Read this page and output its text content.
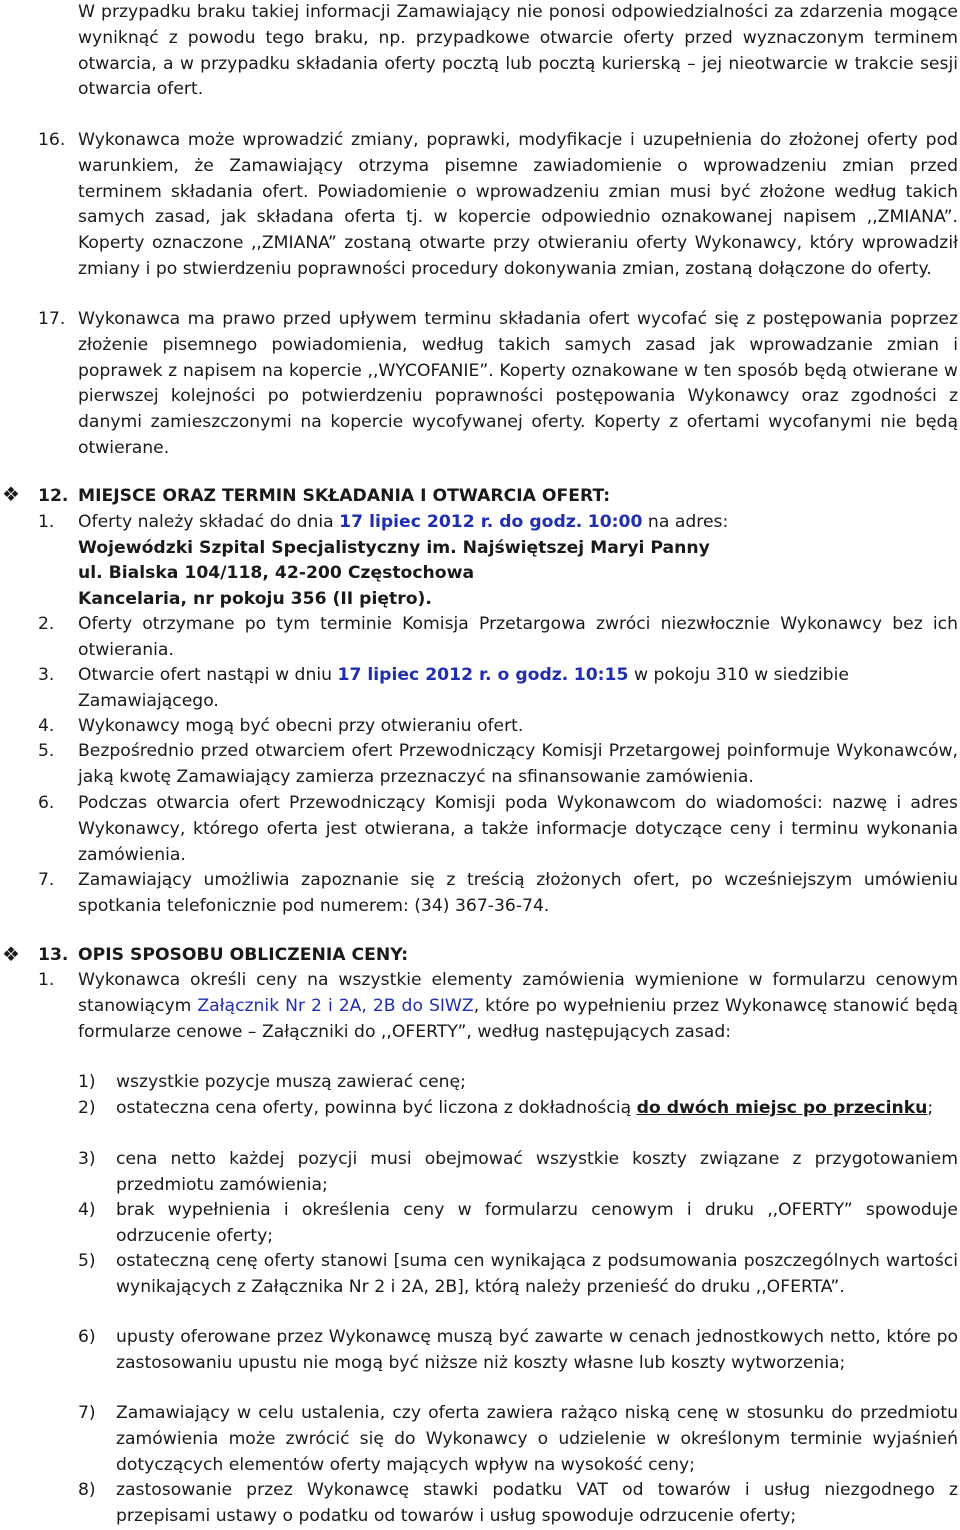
W przypadku braku takiej informacji Zamawiający nie ponosi odpowiedzialności za zdarzenia mogące wyniknąć z powodu tego braku, np. przypadkowe otwarcie oferty przed wyznaczonym terminem otwarcia, a w przypadku składania oferty pocztą lub pocztą kurierską – jej nieotwarcie w trakcie sesji otwarcia ofert.

16. Wykonawca może wprowadzić zmiany, poprawki, modyfikacje i uzupełnienia do złożonej oferty pod warunkiem, że Zamawiający otrzyma pisemne zawiadomienie o wprowadzeniu zmian przed terminem składania ofert. Powiadomienie o wprowadzeniu zmian musi być złożone według takich samych zasad, jak składana oferta tj. w kopercie odpowiednio oznakowanej napisem ,,ZMIANA”. Koperty oznaczone ,,ZMIANA” zostaną otwarte przy otwieraniu oferty Wykonawcy, który wprowadził zmiany i po stwierdzeniu poprawności procedury dokonywania zmian, zostaną dołączone do oferty.

17. Wykonawca ma prawo przed upływem terminu składania ofert wycofać się z postępowania poprzez złożenie pisemnego powiadomienia, według takich samych zasad jak wprowadzanie zmian i poprawek z napisem na kopercie ,,WYCOFANIE”. Koperty oznakowane w ten sposób będą otwierane w pierwszej kolejności po potwierdzeniu poprawności postępowania Wykonawcy oraz zgodności z danymi zamieszczonymi na kopercie wycofywanej oferty. Koperty z ofertami wycofanymi nie będą otwierane.

❖ 12. MIEJSCE ORAZ TERMIN SKŁADANIA I OTWARCIA OFERT:

1. Oferty należy składać do dnia 17 lipiec 2012 r. do godz. 10:00 na adres:

Wojewódzki Szpital Specjalistyczny im. Najświętszej Maryi Panny

ul. Bialska 104/118, 42-200 Częstochowa

Kancelaria, nr pokoju 356 (II piętro).

2. Oferty otrzymane po tym terminie Komisja Przetargowa zwróci niezwłocznie Wykonawcy bez ich otwierania.

3. Otwarcie ofert nastąpi w dniu 17 lipiec 2012 r. o godz. 10:15 w pokoju 310 w siedzibie Zamawiającego.

4. Wykonawcy mogą być obecni przy otwieraniu ofert.

5. Bezpośrednio przed otwarciem ofert Przewodniczący Komisji Przetargowej poinformuje Wykonawców, jaką kwotę Zamawiający zamierza przeznaczyć na sfinansowanie zamówienia.

6. Podczas otwarcia ofert Przewodniczący Komisji poda Wykonawcom do wiadomości: nazwę i adres Wykonawcy, którego oferta jest otwierana, a także informacje dotyczące ceny i terminu wykonania zamówienia.

7. Zamawiający umożliwia zapoznanie się z treścią złożonych ofert, po wcześniejszym umówieniu spotkania telefonicznie pod numerem: (34) 367-36-74.

❖ 13. OPIS SPOSOBU OBLICZENIA CENY:

1. Wykonawca określi ceny na wszystkie elementy zamówienia wymienione w formularzu cenowym stanowiącym Załącznik Nr 2 i 2A, 2B do SIWZ, które po wypełnieniu przez Wykonawcę stanowić będą formularze cenowe – Załączniki do ,,OFERTY”, według następujących zasad:

1) wszystkie pozycje muszą zawierać cenę;

2) ostateczna cena oferty, powinna być liczona z dokładnością do dwóch miejsc po przecinku;

3) cena netto każdej pozycji musi obejmować wszystkie koszty związane z przygotowaniem przedmiotu zamówienia;

4) brak wypełnienia i określenia ceny w formularzu cenowym i druku ,,OFERTY” spowoduje odrzucenie oferty;

5) ostateczną cenę oferty stanowi [suma cen wynikająca z podsumowania poszczególnych wartości wynikających z Załącznika Nr 2 i 2A, 2B], którą należy przenieść do druku ,,OFERTA”.

6) upusty oferowane przez Wykonawcę muszą być zawarte w cenach jednostkowych netto, które po zastosowaniu upustu nie mogą być niższe niż koszty własne lub koszty wytworzenia;

7) Zamawiający w celu ustalenia, czy oferta zawiera rażąco niską cenę w stosunku do przedmiotu zamówienia może zwrócić się do Wykonawcy o udzielenie w określonym terminie wyjaśnień dotyczących elementów oferty mających wpływ na wysokość ceny;

8) zastosowanie przez Wykonawcę stawki podatku VAT od towarów i usług niezgodnego z przepisami ustawy o podatku od towarów i usług spowoduje odrzucenie oferty;
